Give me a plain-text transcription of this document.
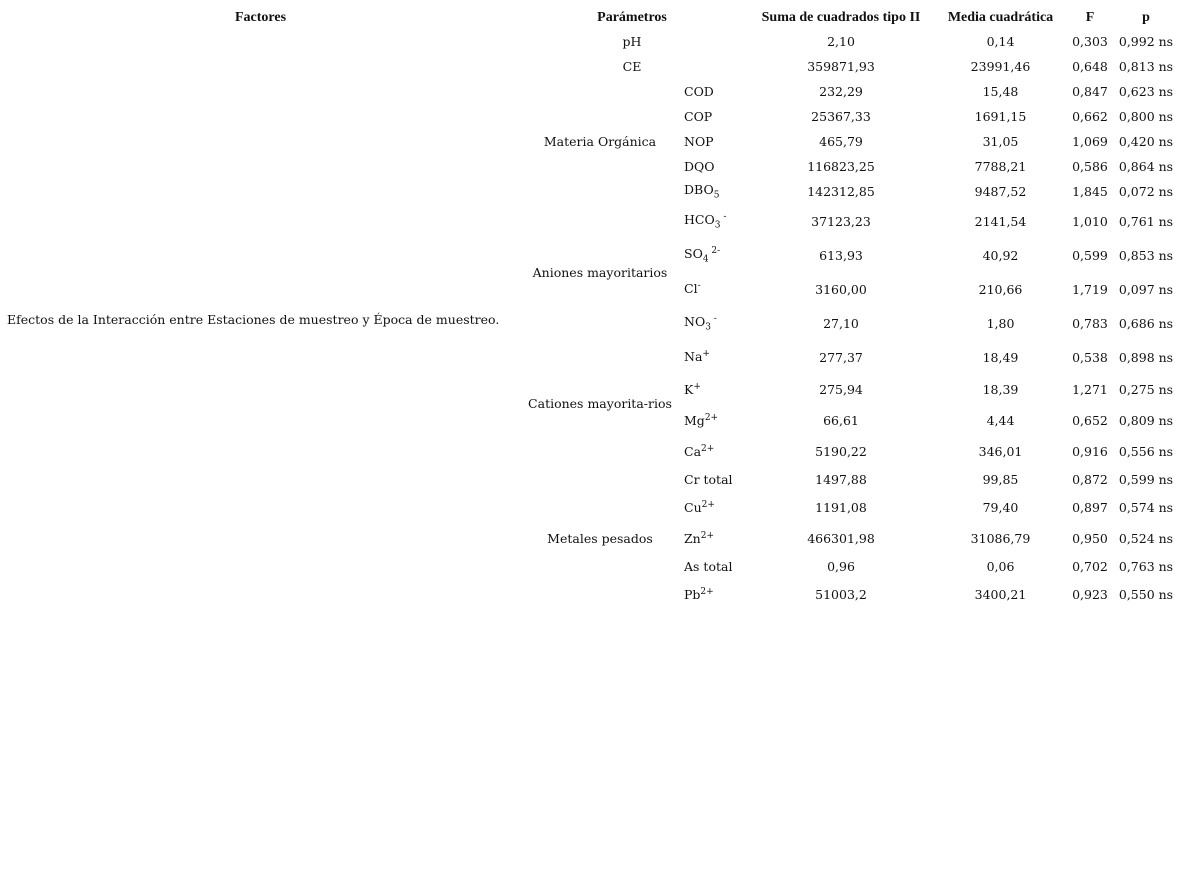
Factores	Parámetros		Suma de cuadrados tipo II	Media cuadrática	F	p
Efectos de la Interacción entre Estaciones de muestreo y Época de muestreo.	pH		2,10	0,14	0,303	0,992 ns
	CE		359871,93	23991,46	0,648	0,813 ns
	Materia Orgánica	COD	232,29	15,48	0,847	0,623 ns
		COP	25367,33	1691,15	0,662	0,800 ns
		NOP	465,79	31,05	1,069	0,420 ns
		DQO	116823,25	7788,21	0,586	0,864 ns
		$DBO_5$	142312,85	9487,52	1,845	0,072 ns
	Aniones mayoritarios	$HCO_3$ -	37123,23	2141,54	1,010	0,761 ns
		$SO_4$ $^{2-}$	613,93	40,92	0,599	0,853 ns
		Cl-	3160,00	210,66	1,719	0,097 ns
		$NO_3$ -	27,10	1,80	0,783	0,686 ns
	Cationes mayorita-rios	Na+	277,37	18,49	0,538	0,898 ns
		K+	275,94	18,39	1,271	0,275 ns
		$Mg^{2+}$	66,61	4,44	0,652	0,809 ns
		$Ca^{2+}$	5190,22	346,01	0,916	0,556 ns
	Metales pesados	Cr total	1497,88	99,85	0,872	0,599 ns
		$Cu^{2+}$	1191,08	79,40	0,897	0,574 ns
		$Zn^{2+}$	466301,98	31086,79	0,950	0,524 ns
		As total	0,96	0,06	0,702	0,763 ns
		$Pb^{2+}$	51003,2	3400,21	0,923	0,550 ns
